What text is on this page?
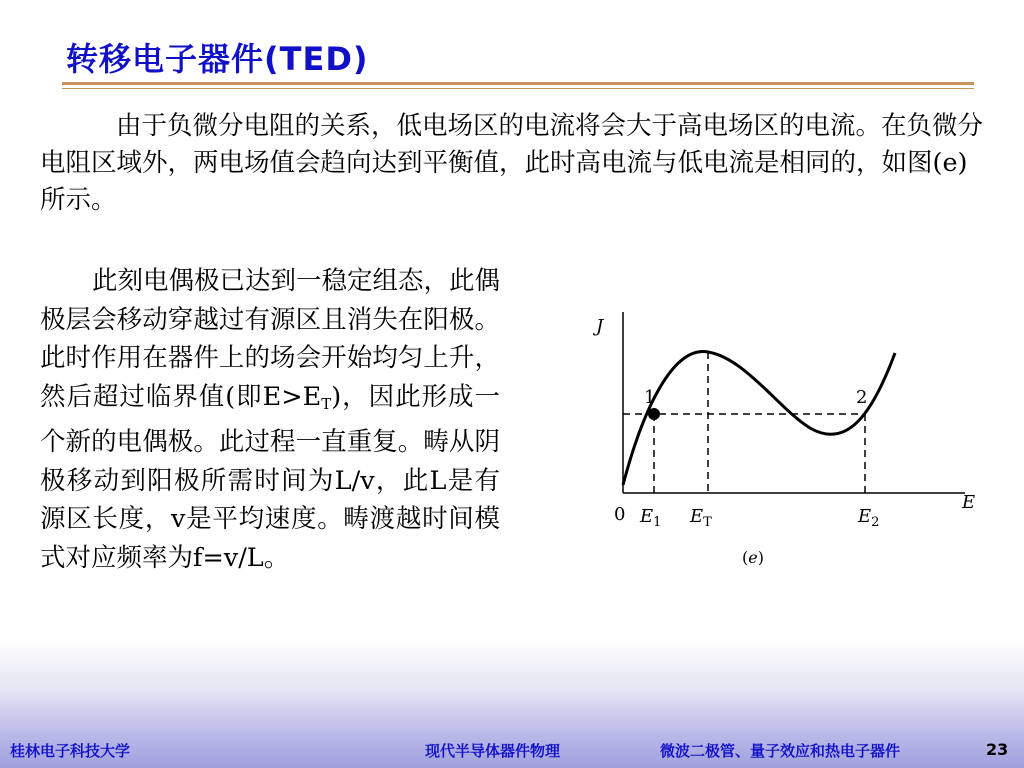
转移电子器件(TED)
由于负微分电阻的关系，低电场区的电流将会大于高电场区的电流。在负微分电阻区域外，两电场值会趋向达到平衡值，此时高电流与低电流是相同的，如图(e)所示。
此刻电偶极已达到一稳定组态，此偶极层会移动穿越过有源区且消失在阳极。此时作用在器件上的场会开始均匀上升，然后超过临界值(即$E>E_T$)，因此形成一个新的电偶极。此过程一直重复。畴从阴极移动到阳极所需时间为L/v，此L是有源区长度，v是平均速度。畴渡越时间模式对应频率为f=v/L。
J
E
0
1	2
$E_1$ $E_T$	$E_2$
(e)
桂林电子科技大学	现代半导体器件物理	微波二极管、量子效应和热电子器件	23
